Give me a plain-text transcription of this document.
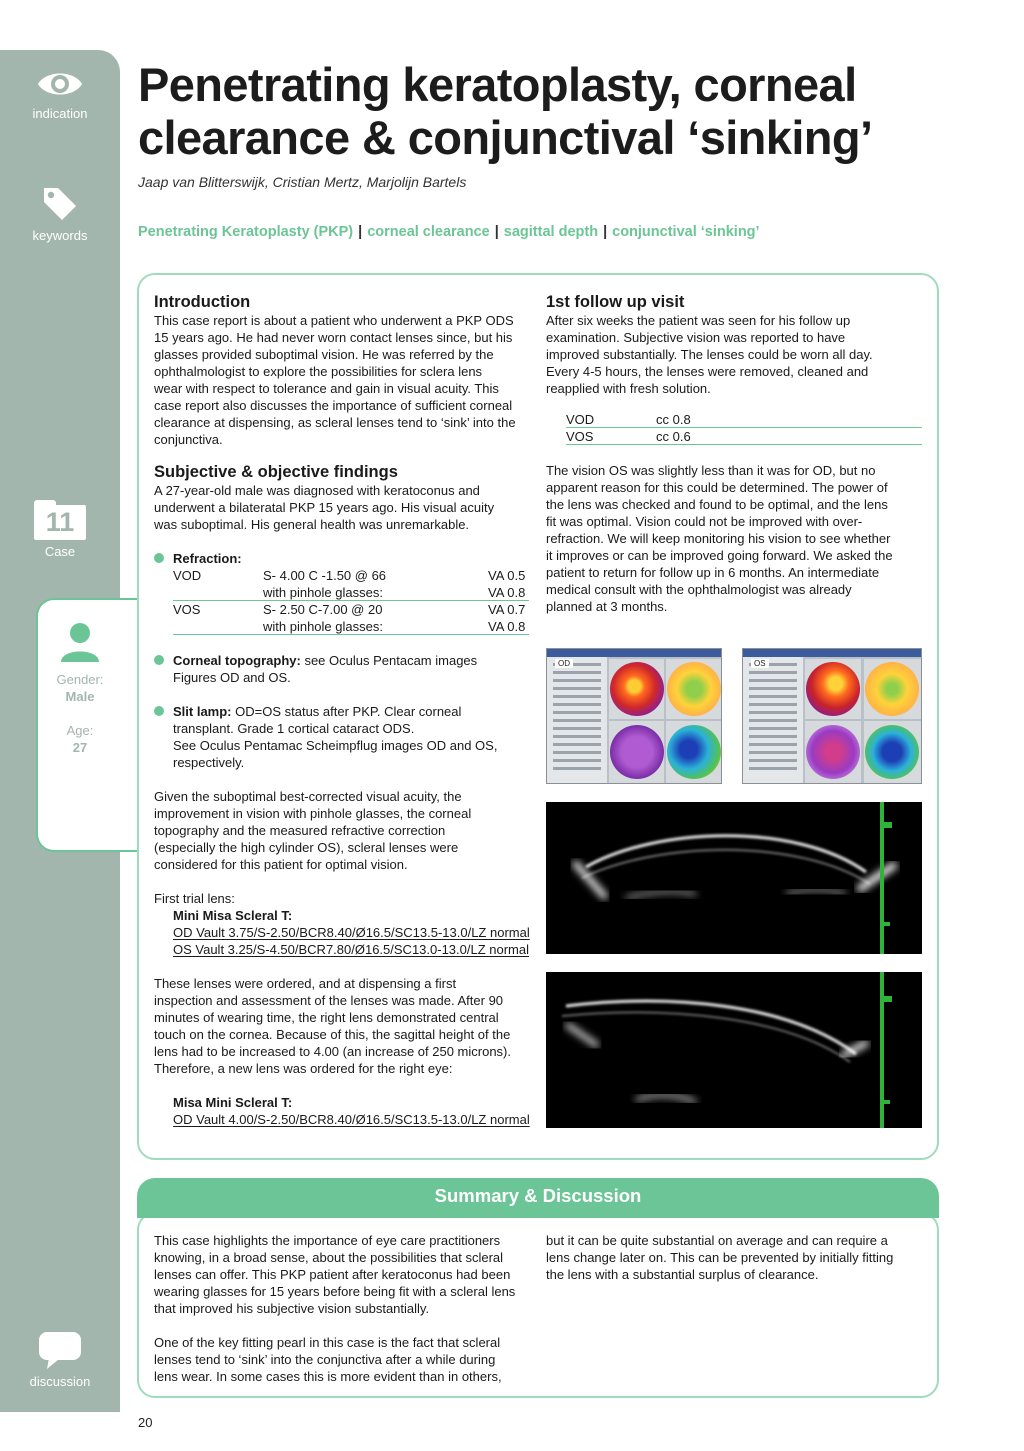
indication
keywords
11
Case
Gender:
Male
Age:
27
discussion
Penetrating keratoplasty, corneal
clearance & conjunctival ‘sinking’
Jaap van Blitterswijk, Cristian Mertz, Marjolijn Bartels
Penetrating Keratoplasty (PKP) | corneal clearance | sagittal depth | conjunctival ‘sinking’
Introduction

This case report is about a patient who underwent a PKP ODS

15 years ago. He had never worn contact lenses since, but his

glasses provided suboptimal vision. He was referred by the

ophthalmologist to explore the possibilities for sclera lens

wear with respect to tolerance and gain in visual acuity. This

case report also discusses the importance of sufficient corneal

clearance at dispensing, as scleral lenses tend to ‘sink’ into the

conjunctiva.

Subjective & objective findings

A 27-year-old male was diagnosed with keratoconus and

underwent a bilateratal PKP 15 years ago. His visual acuity

was suboptimal. His general health was unremarkable.

Refraction:
VOD	S- 4.00 C -1.50 @ 66	VA 0.5
with pinhole glasses:	VA 0.8
VOS	S- 2.50 C-7.00 @ 20	VA 0.7
with pinhole glasses:	VA 0.8

Corneal topography: see Oculus Pentacam images

Figures OD and OS.

Slit lamp: OD=OS status after PKP. Clear corneal

transplant. Grade 1 cortical cataract ODS.

See Oculus Pentamac Scheimpflug images OD and OS,

respectively.

Given the suboptimal best-corrected visual acuity, the

improvement in vision with pinhole glasses, the corneal

topography and the measured refractive correction

(especially the high cylinder OS), scleral lenses were

considered for this patient for optimal vision.

First trial lens:

Mini Misa Scleral T:

OD Vault 3.75/S-2.50/BCR8.40/Ø16.5/SC13.5-13.0/LZ normal

OS Vault 3.25/S-4.50/BCR7.80/Ø16.5/SC13.0-13.0/LZ normal

These lenses were ordered, and at dispensing a first

inspection and assessment of the lenses was made. After 90

minutes of wearing time, the right lens demonstrated central

touch on the cornea. Because of this, the sagittal height of the

lens had to be increased to 4.00 (an increase of 250 microns).

Therefore, a new lens was ordered for the right eye:

Misa Mini Scleral T:

OD Vault 4.00/S-2.50/BCR8.40/Ø16.5/SC13.5-13.0/LZ normal

1st follow up visit

After six weeks the patient was seen for his follow up

examination. Subjective vision was reported to have

improved substantially. The lenses could be worn all day.

Every 4-5 hours, the lenses were removed, cleaned and

reapplied with fresh solution.

VOD	cc 0.8
VOS	cc 0.6

The vision OS was slightly less than it was for OD, but no

apparent reason for this could be determined. The power of

the lens was checked and found to be optimal, and the lens

fit was optimal. Vision could not be improved with over-

refraction. We will keep monitoring his vision to see whether

it improves or can be improved going forward. We asked the

patient to return for follow up in 6 months. An intermediate

medical consult with the ophthalmologist was already

planned at 3 months.

OD	OS
Summary & Discussion

This case highlights the importance of eye care practitioners

knowing, in a broad sense, about the possibilities that scleral

lenses can offer. This PKP patient after keratoconus had been

wearing glasses for 15 years before being fit with a scleral lens

that improved his subjective vision substantially.

One of the key fitting pearl in this case is the fact that scleral

lenses tend to ‘sink’ into the conjunctiva after a while during

lens wear. In some cases this is more evident than in others,

but it can be quite substantial on average and can require a

lens change later on. This can be prevented by initially fitting

the lens with a substantial surplus of clearance.

20
